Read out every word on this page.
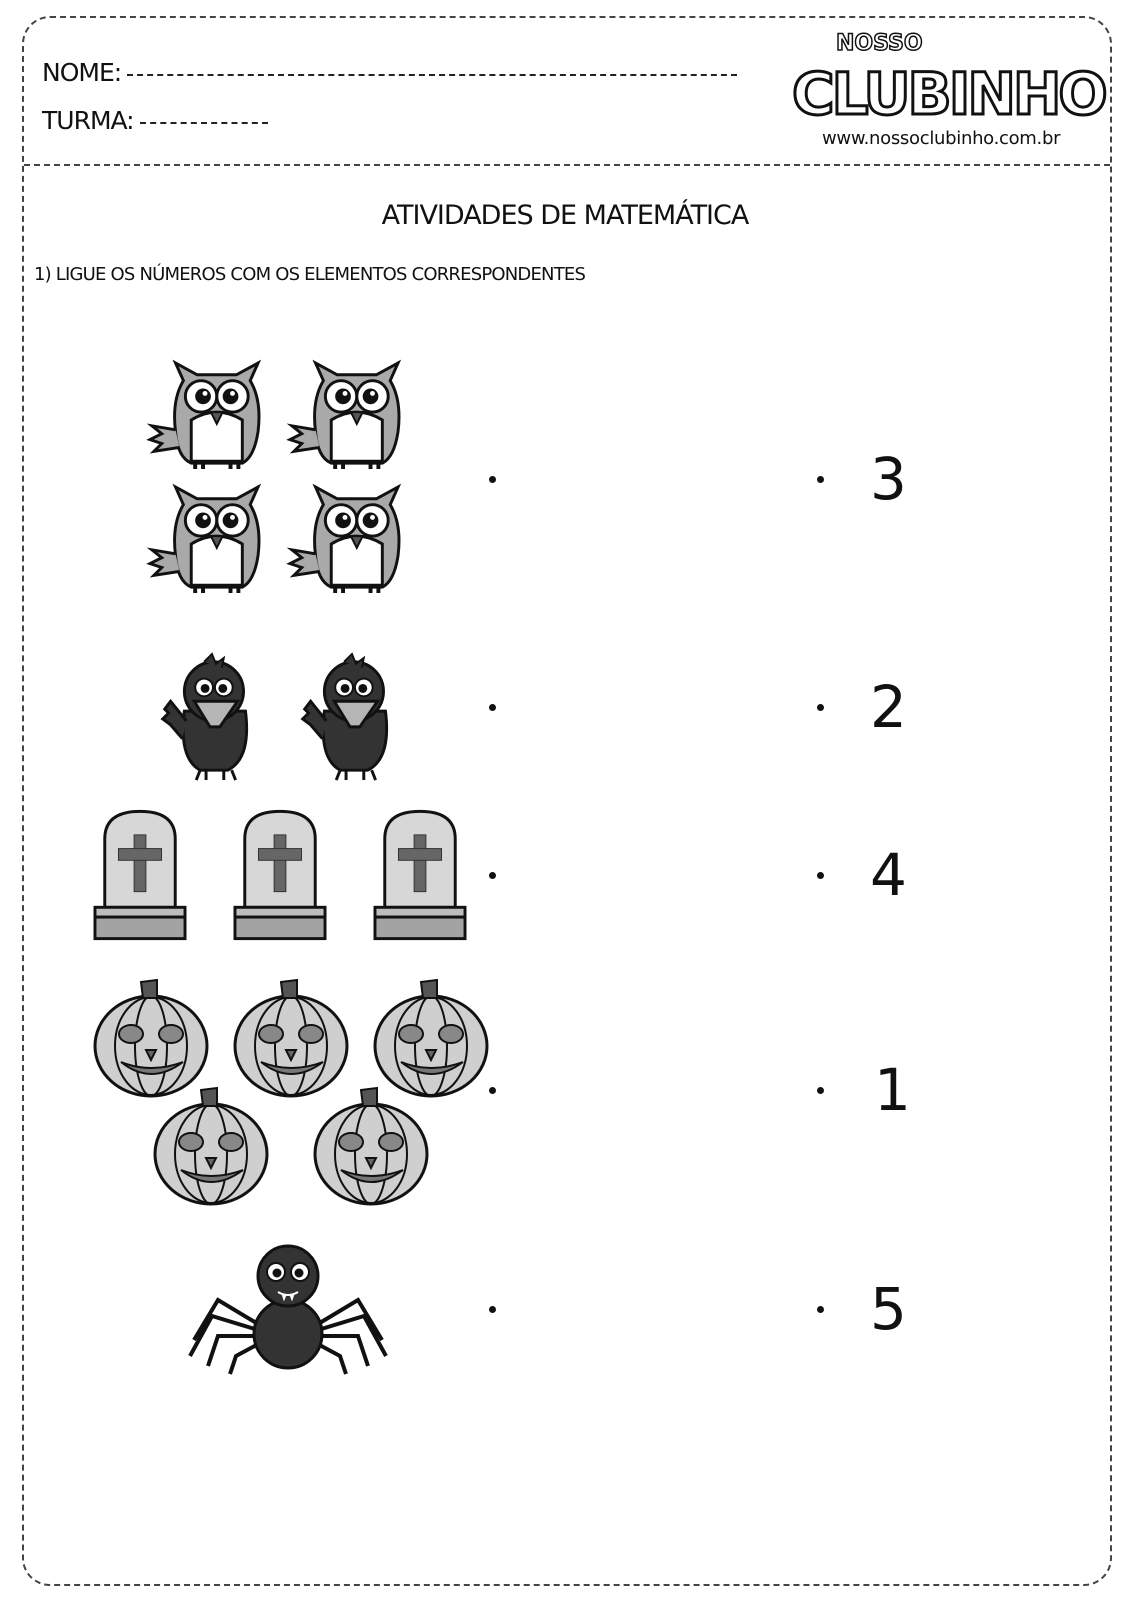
NOME:
TURMA:
NOSSO
CLUBINHO
www.nossoclubinho.com.br
ATIVIDADES DE MATEMÁTICA
1) LIGUE OS NÚMEROS COM OS ELEMENTOS CORRESPONDENTES
3
2
4
1
5
